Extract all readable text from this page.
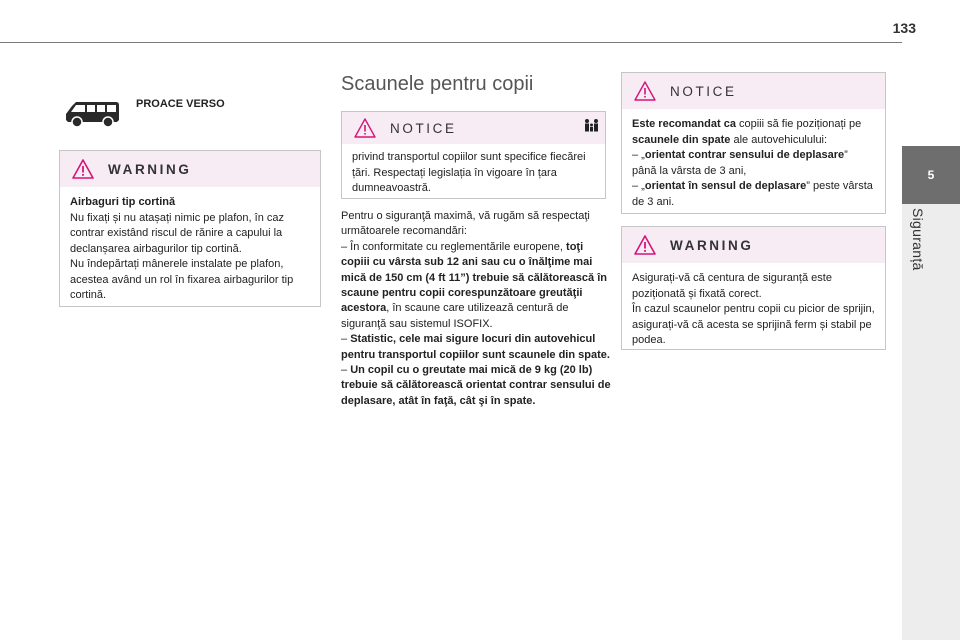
133
5
Siguranță
PROACE VERSO
WARNING

Airbaguri tip cortină

Nu fixați și nu atașați nimic pe plafon, în caz contrar existând riscul de rănire a capului la declanșarea airbagurilor tip cortină.

Nu îndepărtați mânerele instalate pe plafon, acestea având un rol în fixarea airbagurilor tip cortină.

Scaunele pentru copii
NOTICE

privind transportul copiilor sunt specifice fiecărei țări. Respectați legislația în vigoare în țara dumneavoastră.

Pentru o siguranţă maximă, vă rugăm să respectaţi următoarele recomandări:

– În conformitate cu reglementările europene, toţi copiii cu vârsta sub 12 ani sau cu o înălţime mai mică de 150 cm (4 ft 11”) trebuie să călătorească în scaune pentru copii corespunzătoare greutăţii acestora, în scaune care utilizează centură de siguranţă sau sistemul ISOFIX.

– Statistic, cele mai sigure locuri din autovehicul pentru transportul copiilor sunt scaunele din spate.

– Un copil cu o greutate mai mică de 9 kg (20 lb) trebuie să călătorească orientat contrar sensului de deplasare, atât în faţă, cât şi în spate.

NOTICE

Este recomandat ca copiii să fie poziționați pe scaunele din spate ale autovehiculului:

– „orientat contrar sensului de deplasare” până la vârsta de 3 ani,

– „orientat în sensul de deplasare” peste vârsta de 3 ani.

WARNING

Asigurați-vă că centura de siguranță este poziționată și fixată corect.

În cazul scaunelor pentru copii cu picior de sprijin, asigurați-vă că acesta se sprijină ferm și stabil pe podea.
